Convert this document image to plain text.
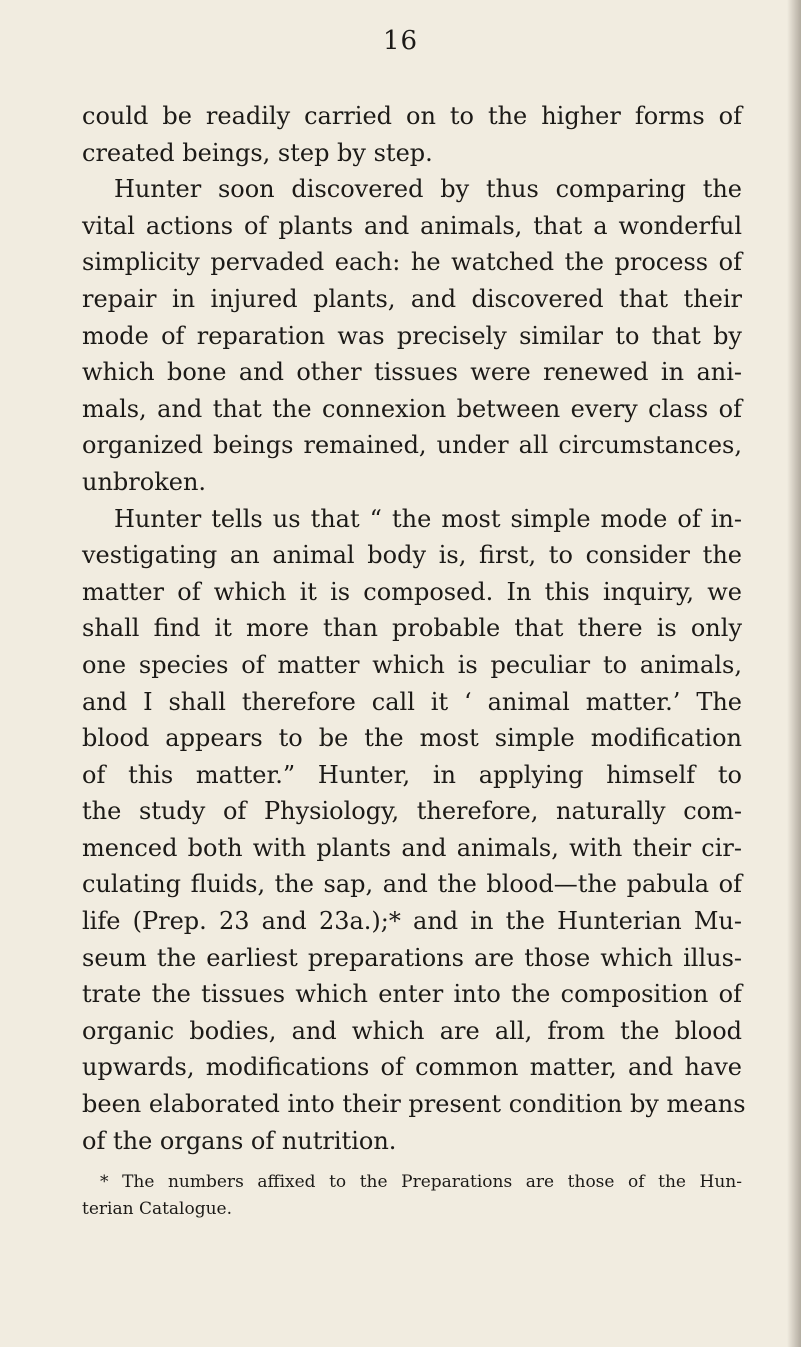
16
could be readily carried on to the higher forms of
created beings, step by step.
Hunter soon discovered by thus comparing the
vital actions of plants and animals, that a wonderful
simplicity pervaded each: he watched the process of
repair in injured plants, and discovered that their
mode of reparation was precisely similar to that by
which bone and other tissues were renewed in ani-
mals, and that the connexion between every class of
organized beings remained, under all circumstances,
unbroken.
Hunter tells us that “ the most simple mode of in-
vestigating an animal body is, first, to consider the
matter of which it is composed. In this inquiry, we
shall find it more than probable that there is only
one species of matter which is peculiar to animals,
and I shall therefore call it ‘ animal matter.’ The
blood appears to be the most simple modification
of this matter.” Hunter, in applying himself to
the study of Physiology, therefore, naturally com-
menced both with plants and animals, with their cir-
culating fluids, the sap, and the blood—the pabula of
life (Prep. 23 and 23a.);* and in the Hunterian Mu-
seum the earliest preparations are those which illus-
trate the tissues which enter into the composition of
organic bodies, and which are all, from the blood
upwards, modifications of common matter, and have
been elaborated into their present condition by means
of the organs of nutrition.
* The numbers affixed to the Preparations are those of the Hun-
terian Catalogue.
